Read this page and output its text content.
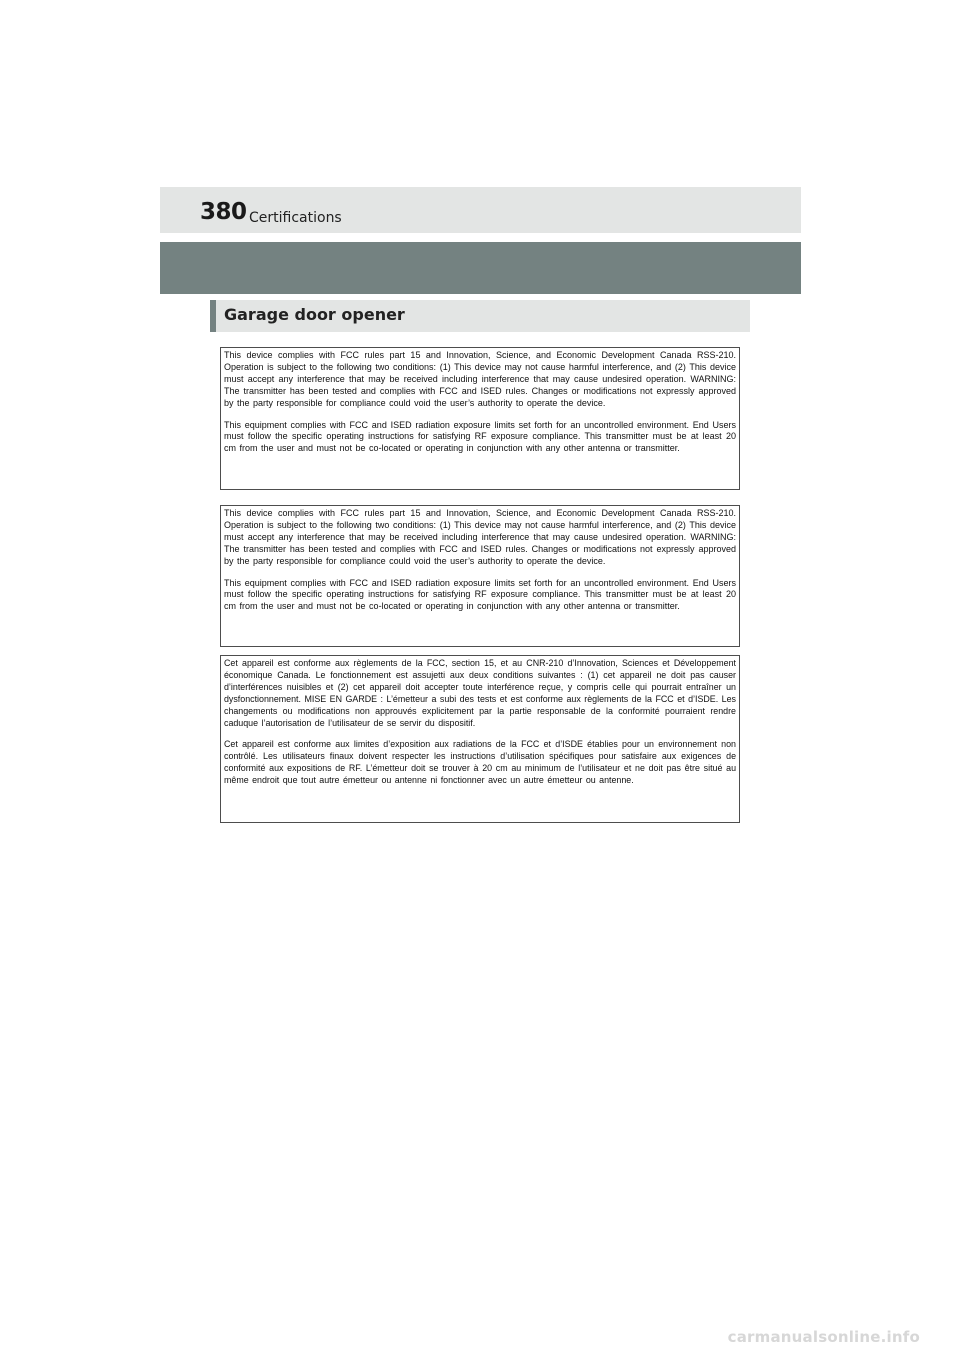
380 Certifications
Garage door opener

This device complies with FCC rules part 15 and Innovation, Science, and Economic Development Canada RSS-210. Operation is subject to the following two conditions: (1) This device may not cause harmful interference, and (2) This device must accept any interference that may be received including interference that may cause undesired operation. WARNING: The transmitter has been tested and complies with FCC and ISED rules. Changes or modifications not expressly approved by the party responsible for compliance could void the user’s authority to operate the device.

This equipment complies with FCC and ISED radiation exposure limits set forth for an uncontrolled environment. End Users must follow the specific operating instructions for satisfying RF exposure compliance. This transmitter must be at least 20 cm from the user and must not be co-located or operating in conjunction with any other antenna or transmitter.

This device complies with FCC rules part 15 and Innovation, Science, and Economic Development Canada RSS-210. Operation is subject to the following two conditions: (1) This device may not cause harmful interference, and (2) This device must accept any interference that may be received including interference that may cause undesired operation. WARNING: The transmitter has been tested and complies with FCC and ISED rules. Changes or modifications not expressly approved by the party responsible for compliance could void the user’s authority to operate the device.

This equipment complies with FCC and ISED radiation exposure limits set forth for an uncontrolled environment. End Users must follow the specific operating instructions for satisfying RF exposure compliance. This transmitter must be at least 20 cm from the user and must not be co-located or operating in conjunction with any other antenna or transmitter.

Cet appareil est conforme aux règlements de la FCC, section 15, et au CNR-210 d’Innovation, Sciences et Développement économique Canada. Le fonctionnement est assujetti aux deux conditions suivantes : (1) cet appareil ne doit pas causer d’interférences nuisibles et (2) cet appareil doit accepter toute interférence reçue, y compris celle qui pourrait entraîner un dysfonctionnement. MISE EN GARDE : L’émetteur a subi des tests et est conforme aux règlements de la FCC et d’ISDE. Les changements ou modifications non approuvés explicitement par la partie responsable de la conformité pourraient rendre caduque l’autorisation de l’utilisateur de se servir du dispositif.

Cet appareil est conforme aux limites d’exposition aux radiations de la FCC et d’ISDE établies pour un environnement non contrôlé. Les utilisateurs finaux doivent respecter les instructions d’utilisation spécifiques pour satisfaire aux exigences de conformité aux expositions de RF. L’émetteur doit se trouver à 20 cm au minimum de l’utilisateur et ne doit pas être situé au même endroit que tout autre émetteur ou antenne ni fonctionner avec un autre émetteur ou antenne.

carmanualsonline.info
